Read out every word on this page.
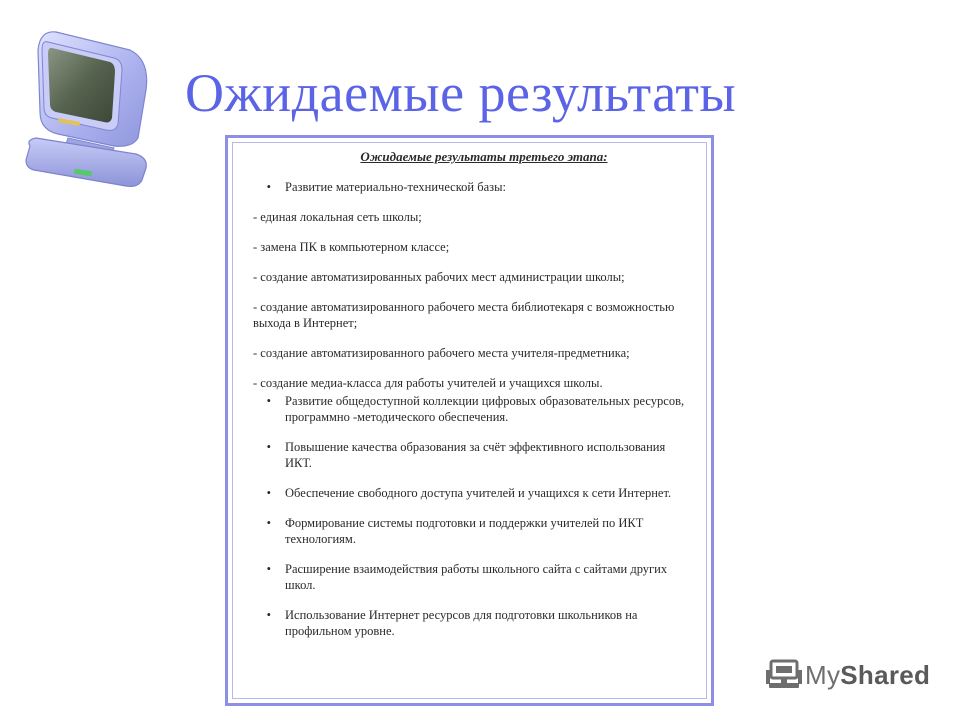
Ожидаемые результаты
Ожидаемые результаты третьего этапа:
•	Развитие материально-технической базы:
- единая локальная сеть школы;
- замена ПК в компьютерном классе;
- создание автоматизированных рабочих мест администрации школы;
- создание автоматизированного рабочего места библиотекаря с возможностью выхода в Интернет;
- создание автоматизированного рабочего места учителя-предметника;
- создание медиа-класса для работы учителей и учащихся школы.
•	Развитие общедоступной коллекции цифровых образовательных ресурсов, программно -методического обеспечения.
•	Повышение качества образования за счёт эффективного использования ИКТ.
•	Обеспечение свободного доступа учителей и учащихся к сети Интернет.
•	Формирование системы подготовки и поддержки учителей по ИКТ технологиям.
•	Расширение взаимодействия работы школьного сайта с сайтами других школ.
•	Использование Интернет ресурсов для подготовки школьников на профильном уровне.
MyShared
